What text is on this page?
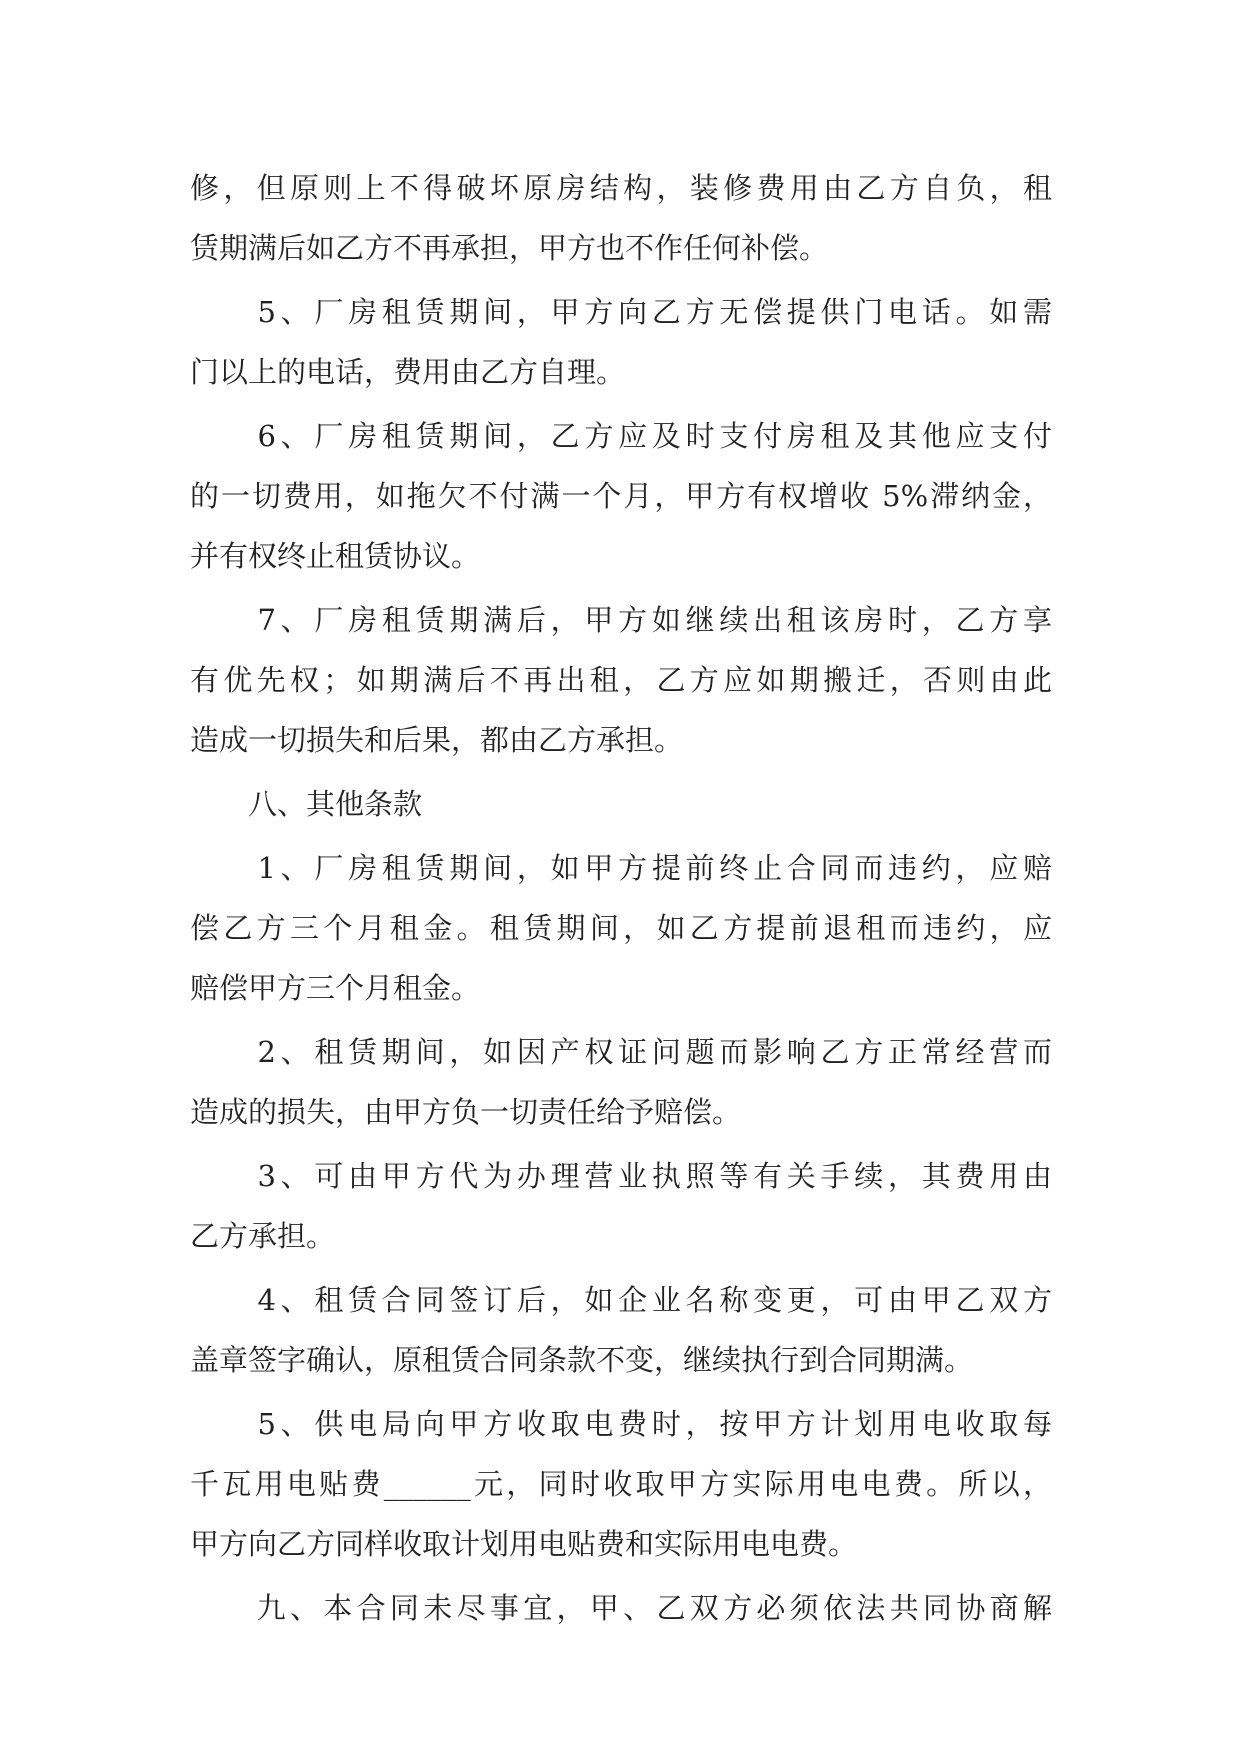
修，但原则上不得破坏原房结构，装修费用由乙方自负，租
赁期满后如乙方不再承担，甲方也不作任何补偿。
　　5、厂房租赁期间，甲方向乙方无偿提供门电话。如需
门以上的电话，费用由乙方自理。
　　6、厂房租赁期间，乙方应及时支付房租及其他应支付
的一切费用，如拖欠不付满一个月，甲方有权增收 5%滞纳金，
并有权终止租赁协议。
　　7、厂房租赁期满后，甲方如继续出租该房时，乙方享
有优先权；如期满后不再出租，乙方应如期搬迁，否则由此
造成一切损失和后果，都由乙方承担。
　　八、其他条款
　　1、厂房租赁期间，如甲方提前终止合同而违约，应赔
偿乙方三个月租金。租赁期间，如乙方提前退租而违约，应
赔偿甲方三个月租金。
　　2、租赁期间，如因产权证问题而影响乙方正常经营而
造成的损失，由甲方负一切责任给予赔偿。
　　3、可由甲方代为办理营业执照等有关手续，其费用由
乙方承担。
　　4、租赁合同签订后，如企业名称变更，可由甲乙双方
盖章签字确认，原租赁合同条款不变，继续执行到合同期满。
　　5、供电局向甲方收取电费时，按甲方计划用电收取每
千瓦用电贴费______元，同时收取甲方实际用电电费。所以，
甲方向乙方同样收取计划用电贴费和实际用电电费。
　　九、本合同未尽事宜，甲、乙双方必须依法共同协商解
